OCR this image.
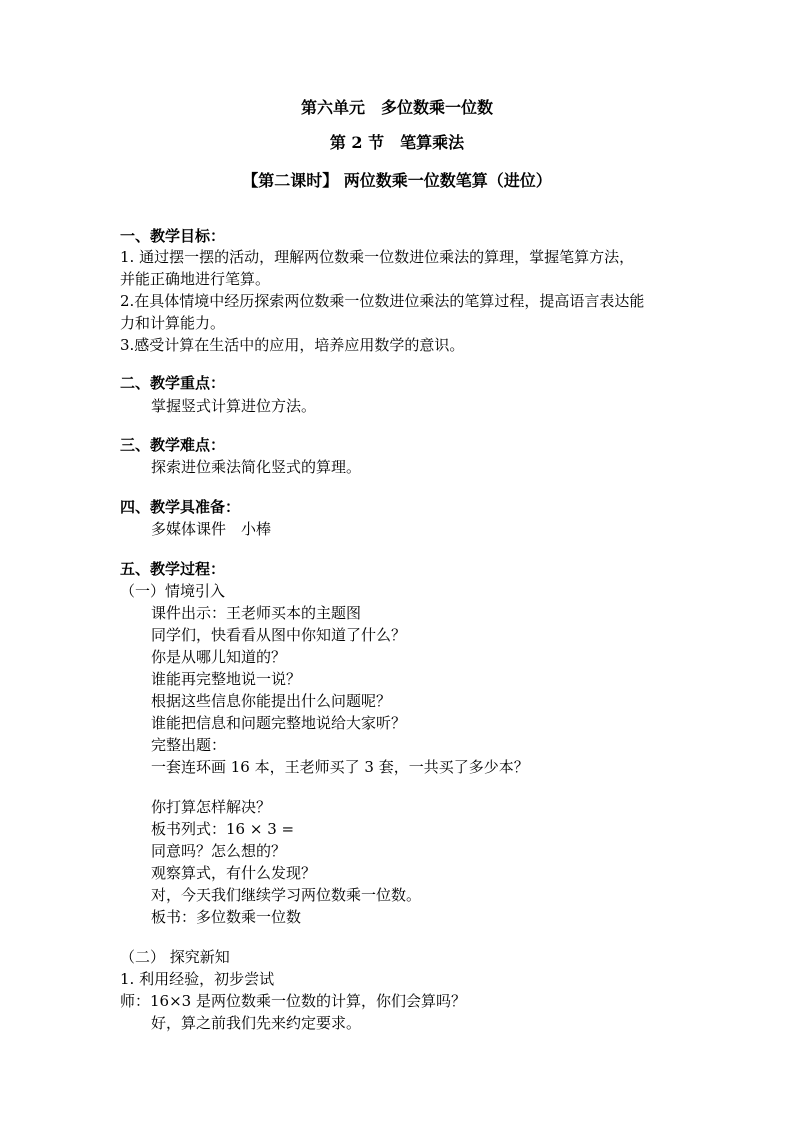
第六单元　多位数乘一位数
第 2 节　笔算乘法
【第二课时】 两位数乘一位数笔算（进位）
一、教学目标：
1. 通过摆一摆的活动，理解两位数乘一位数进位乘法的算理，掌握笔算方法，
并能正确地进行笔算。
2.在具体情境中经历探索两位数乘一位数进位乘法的笔算过程，提高语言表达能
力和计算能力。
3.感受计算在生活中的应用，培养应用数学的意识。
二、教学重点：
掌握竖式计算进位方法。
三、教学难点：
探索进位乘法简化竖式的算理。
四、教学具准备：
多媒体课件　小棒
五、教学过程：
（一）情境引入
课件出示：王老师买本的主题图
同学们，快看看从图中你知道了什么？
你是从哪儿知道的？
谁能再完整地说一说？
根据这些信息你能提出什么问题呢？
谁能把信息和问题完整地说给大家听？
完整出题：
一套连环画 16 本，王老师买了 3 套，一共买了多少本？
你打算怎样解决？
板书列式：16 × 3 =
同意吗？怎么想的？
观察算式，有什么发现？
对，今天我们继续学习两位数乘一位数。
板书：多位数乘一位数
（二） 探究新知
1. 利用经验，初步尝试
师：16×3 是两位数乘一位数的计算，你们会算吗？
好，算之前我们先来约定要求。
